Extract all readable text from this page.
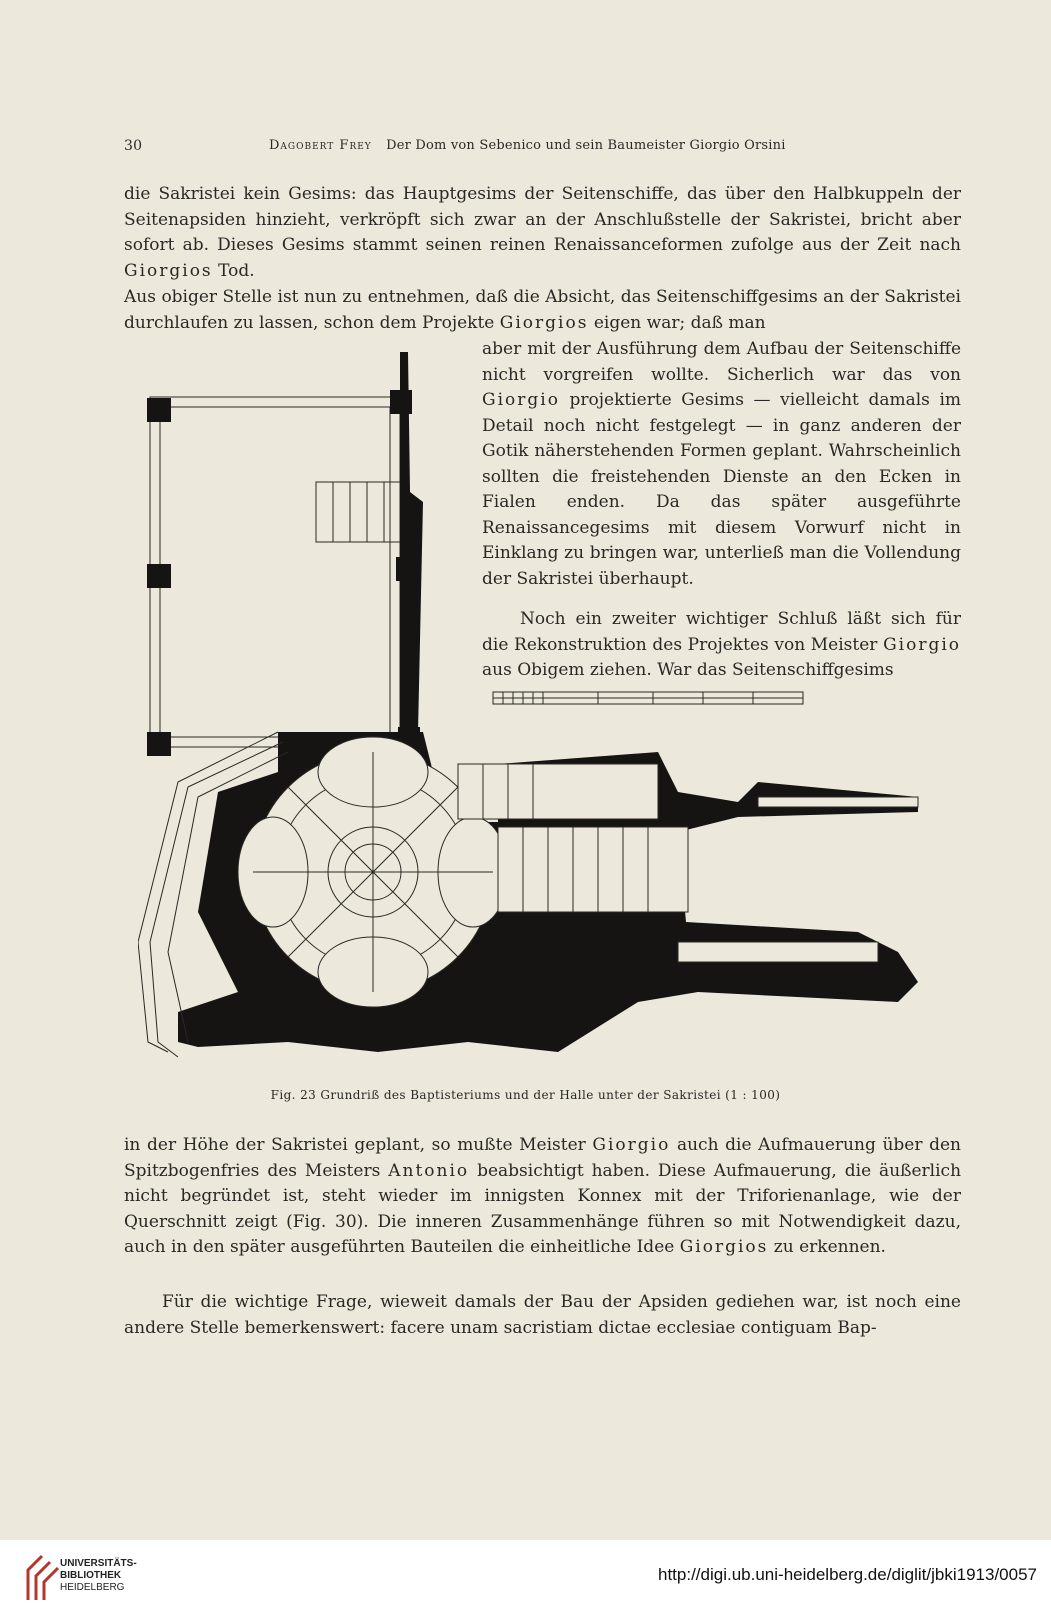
30	Dagobert Frey Der Dom von Sebenico und sein Baumeister Giorgio Orsini

die Sakristei kein Gesims: das Hauptgesims der Seitenschiffe, das über den Halbkuppeln der Seitenapsiden hinzieht, verkröpft sich zwar an der Anschlußstelle der Sakristei, bricht aber sofort ab. Dieses Gesims stammt seinen reinen Renaissanceformen zufolge aus der Zeit nach Giorgios Tod.

Aus obiger Stelle ist nun zu entnehmen, daß die Absicht, das Seitenschiffgesims an der Sakristei durchlaufen zu lassen, schon dem Projekte Giorgios eigen war; daß man

aber mit der Ausführung dem Aufbau der Seitenschiffe nicht vorgreifen wollte. Sicherlich war das von Giorgio projektierte Gesims — vielleicht damals im Detail noch nicht festgelegt — in ganz anderen der Gotik näherstehenden Formen geplant. Wahrscheinlich sollten die freistehenden Dienste an den Ecken in Fialen enden. Da das später ausgeführte Renaissancegesims mit diesem Vorwurf nicht in Einklang zu bringen war, unterließ man die Vollendung der Sakristei überhaupt.

Noch ein zweiter wichtiger Schluß läßt sich für die Rekonstruktion des Projektes von Meister Giorgio aus Obigem ziehen. War das Seitenschiffgesims

Fig. 23 Grundriß des Baptisteriums und der Halle unter der Sakristei (1 : 100)

in der Höhe der Sakristei geplant, so mußte Meister Giorgio auch die Aufmauerung über den Spitzbogenfries des Meisters Antonio beabsichtigt haben. Diese Aufmauerung, die äußerlich nicht begründet ist, steht wieder im innigsten Konnex mit der Triforienanlage, wie der Querschnitt zeigt (Fig. 30). Die inneren Zusammenhänge führen so mit Notwendigkeit dazu, auch in den später ausgeführten Bauteilen die einheitliche Idee Giorgios zu erkennen.

Für die wichtige Frage, wieweit damals der Bau der Apsiden gediehen war, ist noch eine andere Stelle bemerkenswert: facere unam sacristiam dictae ecclesiae contiguam Bap-

UNIVERSITÄTS-
BIBLIOTHEK
HEIDELBERG
http://digi.ub.uni-heidelberg.de/diglit/jbki1913/0057
